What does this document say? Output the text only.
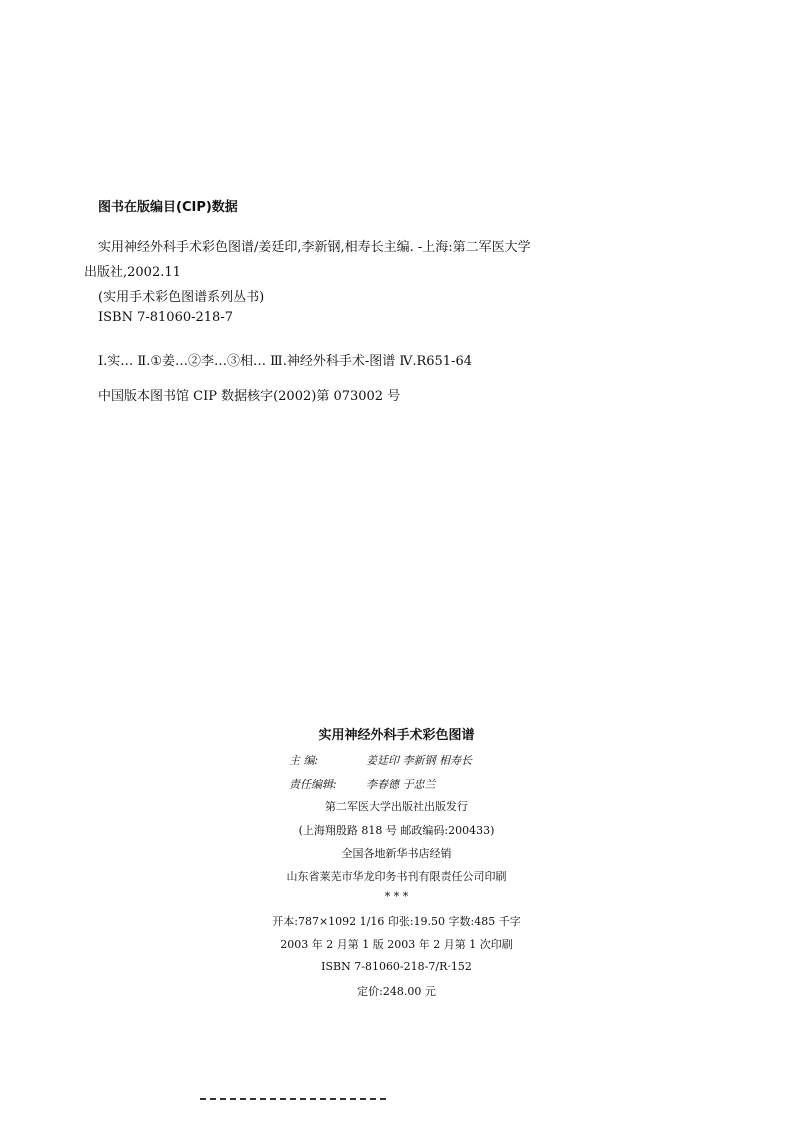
图书在版编目(CIP)数据
实用神经外科手术彩色图谱/姜廷印,李新钢,相寿长主编. -上海:第二军医大学
出版社,2002.11
(实用手术彩色图谱系列丛书)
ISBN 7-81060-218-7
Ⅰ.实… Ⅱ.①姜…②李…③相… Ⅲ.神经外科手术-图谱 Ⅳ.R651-64
中国版本图书馆 CIP 数据核字(2002)第 073002 号
实用神经外科手术彩色图谱
主 编:	姜廷印 李新钢 相寿长
责任编辑:	李春德 于忠兰
第二军医大学出版社出版发行
(上海翔殷路 818 号 邮政编码:200433)
全国各地新华书店经销
山东省莱芜市华龙印务书刊有限责任公司印刷
* * *
开本:787×1092 1/16 印张:19.50 字数:485 千字
2003 年 2 月第 1 版 2003 年 2 月第 1 次印刷
ISBN 7-81060-218-7/R·152
定价:248.00 元
